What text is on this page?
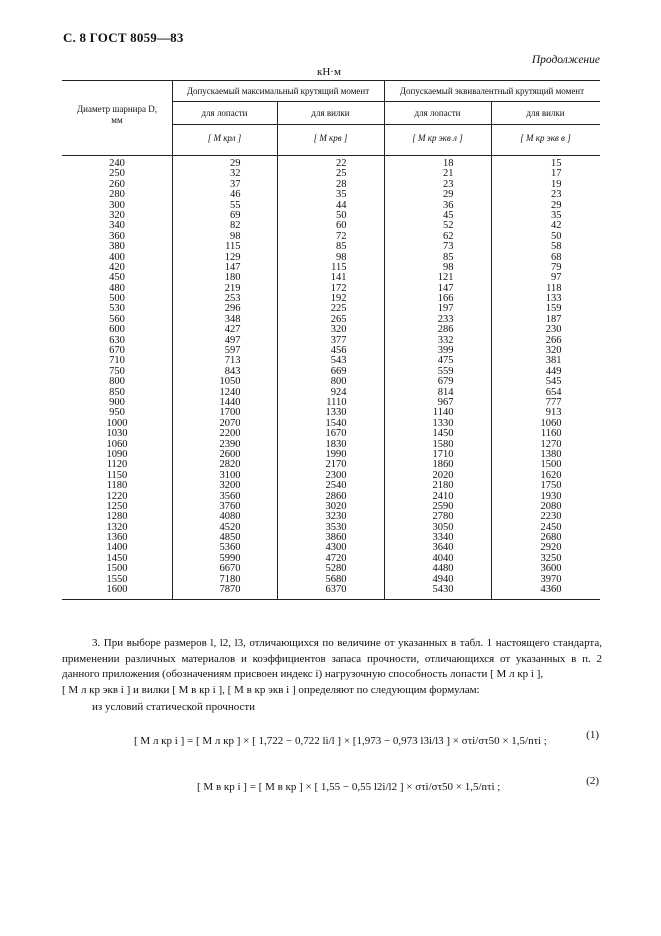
С. 8 ГОСТ 8059—83
Продолжение
кН·м
Диаметр шарнира D,
мм
Допускаемый максимальный крутящий момент	Допускаемый эквивалентный крутящий момент
для лопасти	для вилки	для лопасти	для вилки
[ M крл ]	[ M крв ]	[ M кр экв л ]	[ M кр экв в ]
240	29	22	18	15
250	32	25	21	17
260	37	28	23	19
280	46	35	29	23
300	55	44	36	29
320	69	50	45	35
340	82	60	52	42
360	98	72	62	50
380	115	85	73	58
400	129	98	85	68
420	147	115	98	79
450	180	141	121	97
480	219	172	147	118
500	253	192	166	133
530	296	225	197	159
560	348	265	233	187
600	427	320	286	230
630	497	377	332	266
670	597	456	399	320
710	713	543	475	381
750	843	669	559	449
800	1050	800	679	545
850	1240	924	814	654
900	1440	1110	967	777
950	1700	1330	1140	913
1000	2070	1540	1330	1060
1030	2200	1670	1450	1160
1060	2390	1830	1580	1270
1090	2600	1990	1710	1380
1120	2820	2170	1860	1500
1150	3100	2300	2020	1620
1180	3200	2540	2180	1750
1220	3560	2860	2410	1930
1250	3760	3020	2590	2080
1280	4080	3230	2780	2230
1320	4520	3530	3050	2450
1360	4850	3860	3340	2680
1400	5360	4300	3640	2920
1450	5990	4720	4040	3250
1500	6670	5280	4480	3600
1550	7180	5680	4940	3970
1600	7870	6370	5430	4360
3. При выборе размеров l, l2, l3, отличающихся по величине от указанных в табл. 1 настоящего стандарта, применении различных материалов и коэффициентов запаса прочности, отличающихся от указанных в п. 2 данного приложения (обозначениям присвоен индекс i) нагрузочную способность лопасти [ M л кр i ],
[ M л кр экв i ] и вилки [ M в кр i ], [ M в кр экв i ] определяют по следующим формулам:
из условий статической прочности
[ M л кр i ] = [ M л кр ] × [ 1,722 − 0,722 li/l ] × [1,973 − 0,973 l3i/l3 ] × στi/στ50 × 1,5/nτi ;	(1)
[ M в кр i ] = [ M в кр ] × [ 1,55 − 0,55 l2i/l2 ] × στi/στ50 × 1,5/nτi ;	(2)
